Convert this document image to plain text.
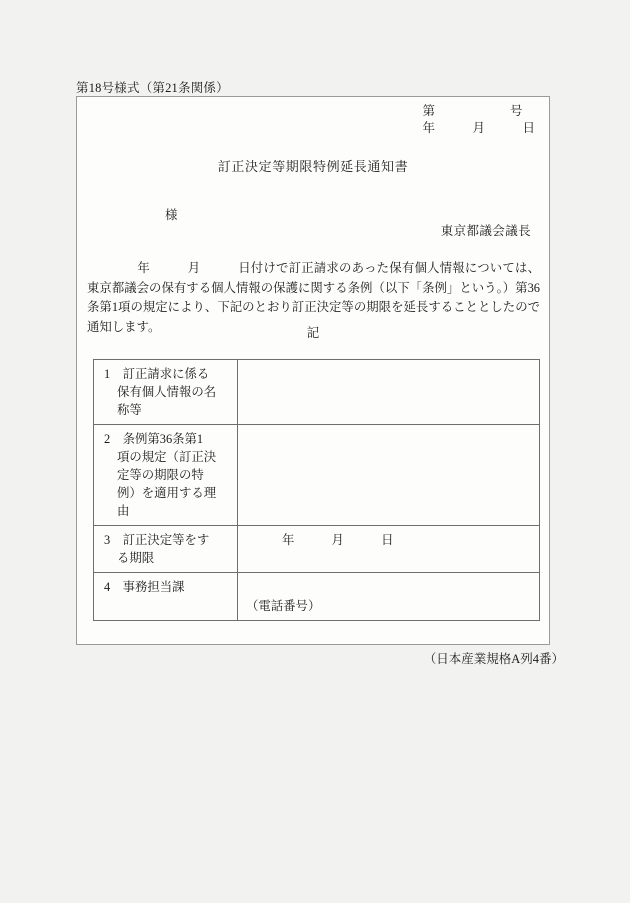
第18号様式（第21条関係）
第　　　　　　号
年　　　月　　　日
訂正決定等期限特例延長通知書
様
東京都議会議長
　　　　年　　　月　　　日付けで訂正請求のあった保有個人情報については、東京都議会の保有する個人情報の保護に関する条例（以下「条例」という。）第36条第1項の規定により、下記のとおり訂正決定等の期限を延長することとしたので通知します。	記
1　訂正請求に係る
保有個人情報の名
称等	

2　条例第36条第1
項の規定（訂正決
定等の期限の特
例）を適用する理
由	

3　訂正決定等をす
る期限	年　　　月　　　日

4　事務担当課	（電話番号）
（日本産業規格A列4番）
